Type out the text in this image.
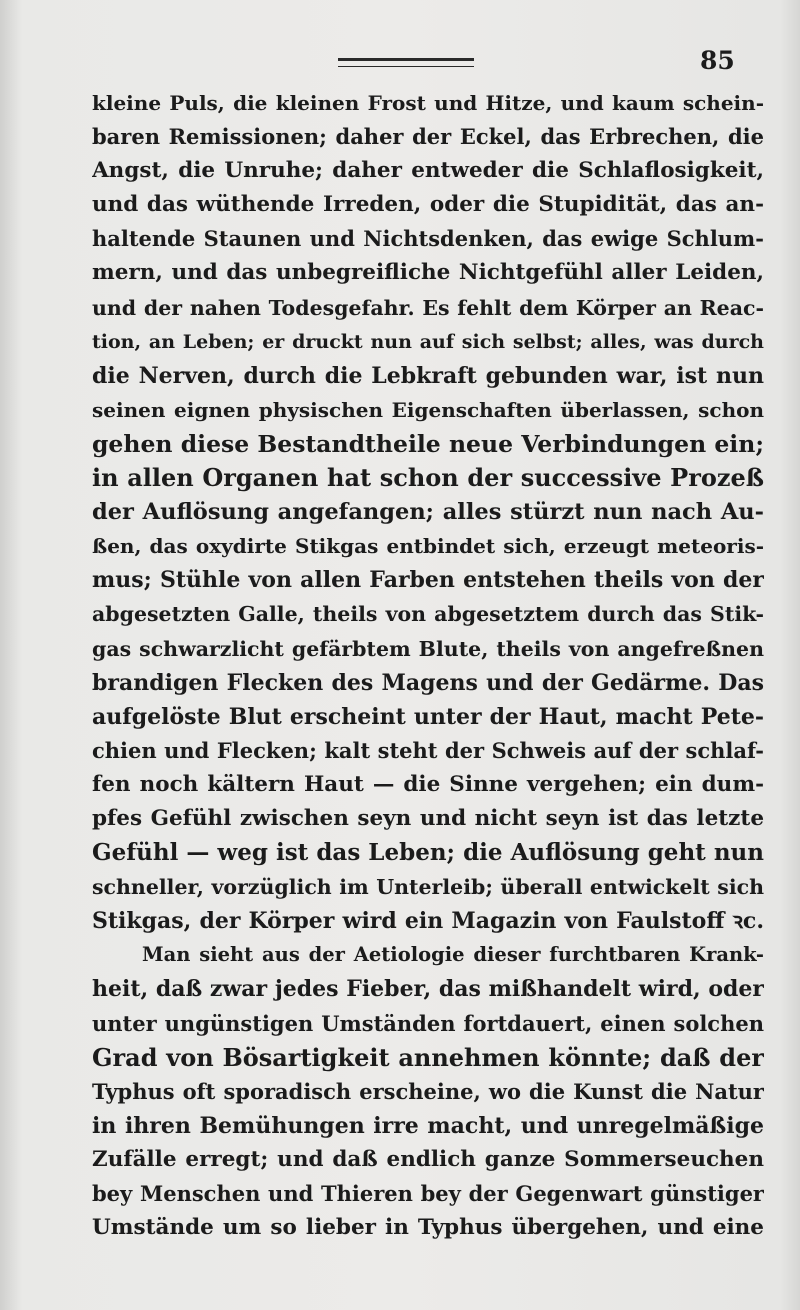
85
kleine Puls, die kleinen Frost und Hitze, und kaum schein-
baren Remissionen; daher der Eckel, das Erbrechen, die
Angst, die Unruhe; daher entweder die Schlaflosigkeit,
und das wüthende Irreden, oder die Stupidität, das an-
haltende Staunen und Nichtsdenken, das ewige Schlum-
mern, und das unbegreifliche Nichtgefühl aller Leiden,
und der nahen Todesgefahr. Es fehlt dem Körper an Reac-
tion, an Leben; er druckt nun auf sich selbst; alles, was durch
die Nerven, durch die Lebkraft gebunden war, ist nun
seinen eignen physischen Eigenschaften überlassen, schon
gehen diese Bestandtheile neue Verbindungen ein;
in allen Organen hat schon der successive Prozeß
der Auflösung angefangen; alles stürzt nun nach Au-
ßen, das oxydirte Stikgas entbindet sich, erzeugt meteoris-
mus; Stühle von allen Farben entstehen theils von der
abgesetzten Galle, theils von abgesetztem durch das Stik-
gas schwarzlicht gefärbtem Blute, theils von angefreßnen
brandigen Flecken des Magens und der Gedärme. Das
aufgelöste Blut erscheint unter der Haut, macht Pete-
chien und Flecken; kalt steht der Schweis auf der schlaf-
fen noch kältern Haut — die Sinne vergehen; ein dum-
pfes Gefühl zwischen seyn und nicht seyn ist das letzte
Gefühl — weg ist das Leben; die Auflösung geht nun
schneller, vorzüglich im Unterleib; überall entwickelt sich
Stikgas, der Körper wird ein Magazin von Faulstoff ꝛc.
Man sieht aus der Aetiologie dieser furchtbaren Krank-
heit, daß zwar jedes Fieber, das mißhandelt wird, oder
unter ungünstigen Umständen fortdauert, einen solchen
Grad von Bösartigkeit annehmen könnte; daß der
Typhus oft sporadisch erscheine, wo die Kunst die Natur
in ihren Bemühungen irre macht, und unregelmäßige
Zufälle erregt; und daß endlich ganze Sommerseuchen
bey Menschen und Thieren bey der Gegenwart günstiger
Umstände um so lieber in Typhus übergehen, und eine
